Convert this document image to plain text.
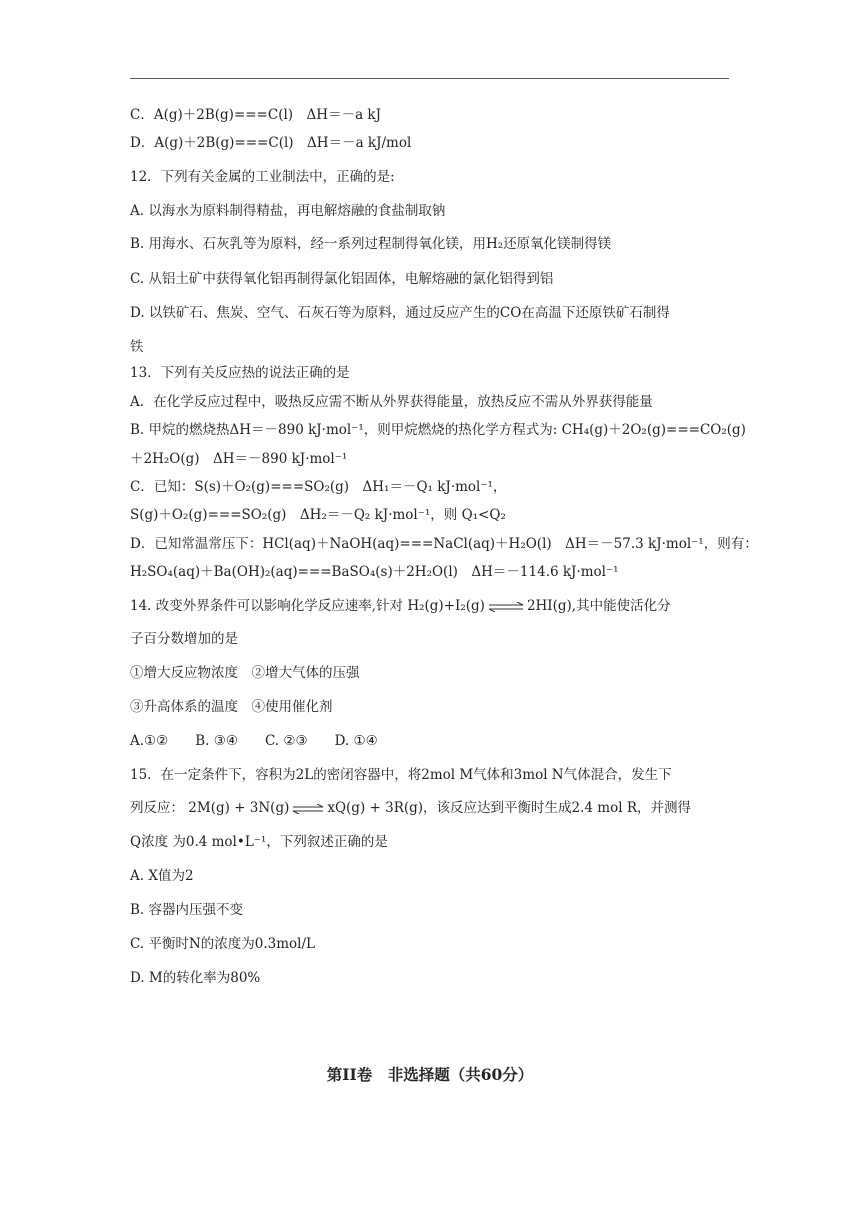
C．A(g)＋2B(g)===C(l)　ΔH＝－a kJ
D．A(g)＋2B(g)===C(l)　ΔH＝－a kJ/mol
12．下列有关金属的工业制法中，正确的是:
A. 以海水为原料制得精盐，再电解熔融的食盐制取钠
B. 用海水、石灰乳等为原料，经一系列过程制得氧化镁，用H₂还原氧化镁制得镁
C. 从铝土矿中获得氧化铝再制得氯化铝固体，电解熔融的氯化铝得到铝
D. 以铁矿石、焦炭、空气、石灰石等为原料，通过反应产生的CO在高温下还原铁矿石制得
铁
13．下列有关反应热的说法正确的是
A．在化学反应过程中，吸热反应需不断从外界获得能量，放热反应不需从外界获得能量
B. 甲烷的燃烧热ΔH＝－890 kJ·mol⁻¹，则甲烷燃烧的热化学方程式为: CH₄(g)＋2O₂(g)===CO₂(g)
＋2H₂O(g)　ΔH＝－890 kJ·mol⁻¹
C．已知：S(s)＋O₂(g)===SO₂(g)　ΔH₁＝－Q₁ kJ·mol⁻¹，
S(g)＋O₂(g)===SO₂(g)　ΔH₂＝－Q₂ kJ·mol⁻¹，则 Q₁<Q₂
D．已知常温常压下：HCl(aq)＋NaOH(aq)===NaCl(aq)＋H₂O(l)　ΔH＝－57.3 kJ·mol⁻¹，则有：
H₂SO₄(aq)＋Ba(OH)₂(aq)===BaSO₄(s)＋2H₂O(l)　ΔH＝－114.6 kJ·mol⁻¹
14. 改变外界条件可以影响化学反应速率,针对 H₂(g)+I₂(g) ⇌ 2HI(g),其中能使活化分
子百分数增加的是
①增大反应物浓度　②增大气体的压强
③升高体系的温度　④使用催化剂
A.①②　　B. ③④　　C. ②③　　D. ①④
15．在一定条件下，容积为2L的密闭容器中，将2mol M气体和3mol N气体混合，发生下
列反应： 2M(g) + 3N(g) ⇌ xQ(g) + 3R(g)，该反应达到平衡时生成2.4 mol R，并测得
Q浓度 为0.4 mol•L⁻¹，下列叙述正确的是
A. X值为2
B. 容器内压强不变
C. 平衡时N的浓度为0.3mol/L
D. M的转化率为80%
第II卷　非选择题（共60分）
